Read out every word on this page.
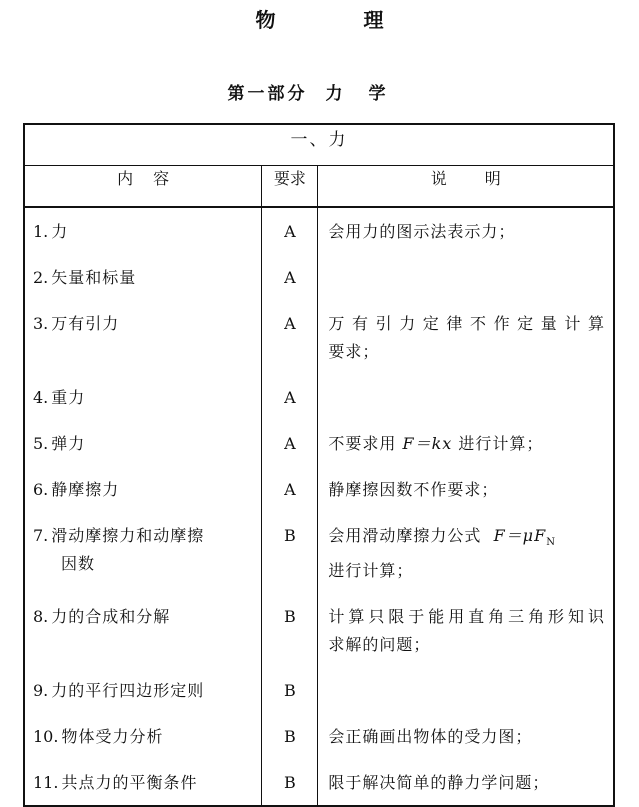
物　理
第一部分 力学
一、力		
内容	要求	说明
1. 力	A	会用力的图示法表示力；
2. 矢量和标量	A	
3. 万有引力	A	万有引力定律不作定量计算
要求；
4. 重力	A	
5. 弹力	A	不要求用 F＝kx 进行计算；
6. 静摩擦力	A	静摩擦因数不作要求；
7. 滑动摩擦力和动摩擦
因数	B	会用滑动摩擦力公式 $F=\mu F_N$
进行计算；
8. 力的合成和分解	B	计算只限于能用直角三角形知识
求解的问题；
9. 力的平行四边形定则	B	
10. 物体受力分析	B	会正确画出物体的受力图；
11. 共点力的平衡条件	B	限于解决简单的静力学问题；
